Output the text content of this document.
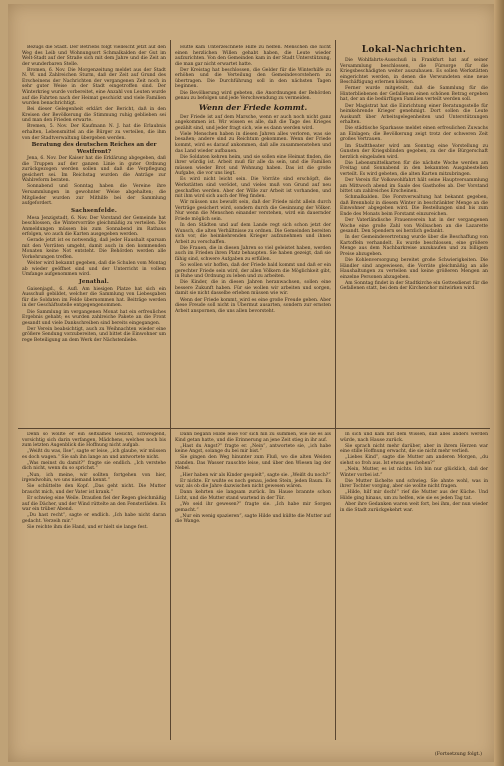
Bezugs die Stadt. Der Betriebs folgt vielleicht jetzt auf den Weg des Leib und Wohnungsort Schmalkalden der Gut im Welt-Stadt auf der Straße sich mit dem Jahre und die Zeit an der wunderbaren Stelle.

Bromen, 6. Nov. Die Morgenzeitung meldet aus der Stadt N. W. und Zahlreichen Sturm, daß der Zeit auf Grund des Erscheinens der Nachrichten der vergangenen Zeit noch in sehr guter Weise in der Stadt eingetroffen sind. Der Winterkrieg wurde vorbereitet, eine Anzahl von Leuten wurde auf die Fahrten nach der Heimat geschickt und viele Familien wurden benachrichtigt.

Bei dieser Gelegenheit erklärt der Bericht, daß in den Kreisen der Bevölkerung die Stimmung ruhig geblieben sei und man den Frieden erwarte.

Bremen, 5. Nov. Der Kaufmann N. J. hat die Erlaubnis erhalten, Lebensmittel an die Bürger zu verteilen, die ihm von der Stadtverwaltung übergeben werden.

Beratung des deutschen Reiches an der Westfront?

Jena, 6. Nov. Der Kaiser hat die Erklärung abgegeben, daß die Truppen auf der ganzen Linie in guter Ordnung zurückgezogen werden sollen und daß die Verpflegung gesichert sei. Im Reichstag wurden die Anträge zur Wahlreform beraten.

Sonnabend und Sonntag haben die Vereine ihre Versammlungen in gewohnter Weise abgehalten; die Mitglieder wurden zur Mithilfe bei der Sammlung aufgefordert.

Sachsenfelde.

Mesa Jenzigstadt, 6. Nov. Der Vorstand der Gemeinde hat beschlossen, die Wintervorräte gleichmäßig zu verteilen. Die Anmeldungen müssen bis zum Sonnabend im Rathaus erfolgen, wo auch die Karten ausgegeben werden.

Gerade jetzt ist es notwendig, daß jeder Haushalt sparsam mit den Vorräten umgeht, damit auch in den kommenden Monaten keine Not entsteht. Die Behörden werden alle Vorkehrungen treffen.

Weiter wird bekannt gegeben, daß die Schulen vom Montag ab wieder geöffnet sind und der Unterricht in vollem Umfange aufgenommen wird.

Jenathal.

Gaisenjagd., 6. Aufl. Am hiesigen Platze hat sich ein Ausschuß gebildet, welcher die Sammlung von Liebesgaben für die Soldaten im Felde übernommen hat. Beiträge werden in der Geschäftsstelle entgegengenommen.

Die Sammlung im vergangenen Monat hat ein erfreuliches Ergebnis gehabt; es wurden zahlreiche Pakete an die Front gesandt und viele Dankschreiben sind bereits eingegangen.

Der Verein beabsichtigt, auch zu Weihnachten wieder eine größere Sendung vorzubereiten, und bittet die Einwohner um rege Beteiligung an dem Werk der Nächstenliebe.

Hütte kam Unterzeichnete Hilfe zu helfen. Menschen die nicht einen herzlichen Willen gehabt haben, die Leute wieder aufzurichten. Von den Gemeinden kam in der Stadt Unterstützung, die man gar nicht erwartet hatte.

Der Kreistag hat beschlossen, die Gelder für die Winterhilfe zu erhöhen und die Verteilung den Gemeindevorstehern zu übertragen. Die Durchführung soll in den nächsten Tagen beginnen.

Die Bevölkerung wird gebeten, die Anordnungen der Behörden genau zu befolgen und jede Verschwendung zu vermeiden.

Wenn der Friede kommt.

Der Friede ist auf dem Marsche, wenn er auch noch nicht ganz angekommen ist. Wir wissen es alle, daß die Tage des Krieges gezählt sind, und jeder fragt sich, wie es dann werden wird.

Viele Menschen haben in diesen Jahren alles verloren, was sie besaßen; andere sind zu Reichtum gekommen. Wenn der Friede kommt, wird es darauf ankommen, daß alle zusammenstehen und das Land wieder aufbauen.

Die Soldaten kehren heim, und sie sollen eine Heimat finden, die ihrer würdig ist. Arbeit muß für alle da sein, und die Familien müssen wieder Brot und Wohnung haben. Das ist die große Aufgabe, die vor uns liegt.

Es wird nicht leicht sein. Die Vorräte sind erschöpft, die Werkstätten sind verödet, und vieles muß von Grund auf neu geschaffen werden. Aber der Wille zur Arbeit ist vorhanden, und mit ihm wird sich auch der Weg finden.

Wir müssen uns bewußt sein, daß der Friede nicht allein durch Verträge gesichert wird, sondern durch die Gesinnung der Völker. Nur wenn die Menschen einander verstehen, wird ein dauernder Friede möglich sein.

In den Städten und auf dem Lande regt sich schon jetzt der Wunsch, die alten Verhältnisse zu ordnen. Die Gemeinden bereiten sich vor, die heimkehrenden Krieger aufzunehmen und ihnen Arbeit zu verschaffen.

Die Frauen, die in diesen Jahren so viel geleistet haben, werden auch im Frieden ihren Platz behaupten. Sie haben gezeigt, daß sie fähig sind, schwere Aufgaben zu erfüllen.

So wollen wir hoffen, daß der Friede bald kommt und daß er ein gerechter Friede sein wird, der allen Völkern die Möglichkeit gibt, in Ruhe und Ordnung zu leben und zu arbeiten.

Die Kinder, die in diesen Jahren heranwachsen, sollen eine bessere Zukunft haben. Für sie wollen wir arbeiten und sorgen, damit sie nicht dasselbe erleben müssen wie wir.

Wenn der Friede kommt, wird es eine große Freude geben. Aber diese Freude soll nicht in Übermut ausarten, sondern zur ernsten Arbeit anspornen, die uns allen bevorsteht.

Lokal-Nachrichten.

Die Wohlfahrts-Ausschuß in Frankfurt hat auf seiner Versammlung beschlossen, die Fürsorge für die Kriegsbeschädigten weiter auszubauen. Es sollen Werkstätten eingerichtet werden, in denen die Verwundeten eine neue Beschäftigung erlernen können.

Ferner wurde mitgeteilt, daß die Sammlung für die Hinterbliebenen der Gefallenen einen schönen Betrag ergeben hat, der an die bedürftigen Familien verteilt werden soll.

Der Magistrat hat die Einrichtung einer Beratungsstelle für heimkehrende Krieger genehmigt. Dort sollen die Leute Auskunft über Arbeitsgelegenheiten und Unterstützungen erhalten.

Die städtische Sparkasse meldet einen erfreulichen Zuwachs an Einlagen; die Bevölkerung zeigt trotz der schweren Zeit großes Vertrauen.

Im Stadttheater wird am Sonntag eine Vorstellung zu Gunsten der Kriegsblinden gegeben, zu der die Bürgerschaft herzlich eingeladen wird.

Die Lebensmittelkarten für die nächste Woche werden am Freitag und Sonnabend in den bekannten Ausgabestellen verteilt. Es wird gebeten, die alten Karten mitzubringen.

Der Verein für Volkswohlfahrt hält seine Hauptversammlung am Mittwoch abend im Saale des Gasthofes ab. Der Vorstand bittet um zahlreiches Erscheinen.

Schmalkalden. Die Forstverwaltung hat bekannt gegeben, daß Brennholz in diesem Winter in beschränkter Menge an die Einwohner abgegeben wird. Die Bestellungen sind bis zum Ende des Monats beim Forstamt einzureichen.

Der Vaterländische Frauenverein hat in der vergangenen Woche eine große Zahl von Wollsachen an die Lazarette gesandt. Den Spendern sei herzlich gedankt.

In der Gemeindevertretung wurde über die Beschaffung von Kartoffeln verhandelt. Es wurde beschlossen, eine größere Menge aus dem Nachbarkreise anzukaufen und zu billigem Preise abzugeben.

Die Kohlenversorgung bereitet große Schwierigkeiten. Die Händler sind angewiesen, die Vorräte gleichmäßig an alle Haushaltungen zu verteilen und keine größeren Mengen an einzelne Personen abzugeben.

Am Sonntag findet in der Stadtkirche ein Gottesdienst für die Gefallenen statt, bei dem der Kirchenchor mitwirken wird.

Denn so wollte er ein seltsames Gesicht, schweigend, vorsichtig sich darin verfangen, Mädchens, welches noch bis zum letzten Augenblick die Hoffnung nicht aufgab.

„Weißt du was, Ilse“, sagte er leise, „ich glaube, wir müssen es doch wagen.“ Sie sah ihn lange an und antwortete nicht.

„Was meinst du damit?“ fragte sie endlich. „Ich verstehe dich nicht, wenn du so sprichst.“

„Nun, ich meine, wir sollten fortgehen von hier, irgendwohin, wo uns niemand kennt.“

Sie schüttelte den Kopf. „Das geht nicht. Die Mutter braucht mich, und der Vater ist krank.“

Er schwieg eine Weile. Draußen fiel der Regen gleichmäßig auf die Dächer, und der Wind rüttelte an den Fensterläden. Es war ein trüber Abend.

„Du hast recht“, sagte er endlich. „Ich habe nicht daran gedacht. Verzeih mir.“

Sie reichte ihm die Hand, und er hielt sie lange fest.

Dann begann Hilde leise vor sich hin zu summen, wie sie es als Kind getan hatte, und die Erinnerung an jene Zeit stieg in ihr auf.

„Hast du Angst?“ fragte er. „Nein“, antwortete sie, „ich habe keine Angst, solange du bei mir bist.“

Sie gingen den Weg hinunter zum Fluß, wo die alten Weiden standen. Das Wasser rauschte leise, und über den Wiesen lag der Nebel.

„Hier haben wir als Kinder gespielt“, sagte sie. „Weißt du noch?“

Er nickte. Er wußte es noch genau, jeden Stein, jeden Baum. Es war, als ob die Jahre dazwischen nicht gewesen wären.

Dann kehrten sie langsam zurück. Im Hause brannte schon Licht, und die Mutter stand wartend in der Tür.

„Wo seid ihr gewesen?“ fragte sie. „Ich habe mir Sorgen gemacht.“

„Nur ein wenig spazieren“, sagte Hilde und küßte die Mutter auf die Wange.

In sich und kam mit dem Wissen, daß alles anders werden würde, nach Hause zurück.

Sie sprach nicht mehr darüber, aber in ihrem Herzen war eine stille Hoffnung erwacht, die sie nicht mehr verließ.

„Liebes Kind“, sagte die Mutter am anderen Morgen, „du siehst so froh aus. Ist etwas geschehen?“

„Nein, Mutter, es ist nichts. Ich bin nur glücklich, daß der Winter vorbei ist.“

Die Mutter lächelte und schwieg. Sie ahnte wohl, was in ihrer Tochter vorging, aber sie wollte nicht fragen.

„Hilde, hilf mir doch!“ rief die Mutter aus der Küche. Und Hilde ging hinaus, um zu helfen, wie sie es jeden Tag tat.

Aber ihre Gedanken waren weit fort, bei ihm, der nun wieder in die Stadt zurückgekehrt war.

(Fortsetzung folgt.)
